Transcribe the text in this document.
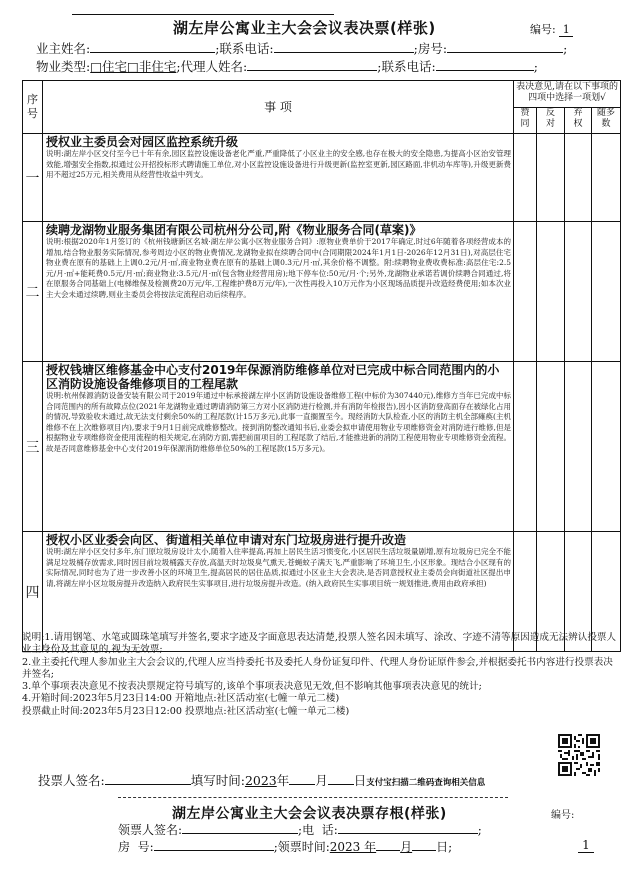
湖左岸公寓业主大会会议表决票(样张)	编号: 1
业主姓名:	;联系电话:	;房号:	;
物业类型:□住宅□非住宅;代理人姓名:	;联系电话:	;
序号	事 项	表决意见,请在以下事项的四项中选择一项划√			
		赞同	反对	弃权	随多数
一	授权业主委员会对园区监控系统升级
说明:湖左岸小区交付至今已十年有余,园区监控设施设备老化严重,严重降低了小区业主的安全感,也存在极大的安全隐患,为提高小区治安管理效能,增强安全指数,拟通过公开招投标形式聘请施工单位,对小区监控设施设备进行升级更新(监控室更新,园区路面,非机动车库等),升级更新费用不超过25万元,相关费用从经营性收益中列支。				

二	续聘龙湖物业服务集团有限公司杭州分公司,附《物业服务合同(草案)》
说明:根据2020年1月签订的《杭州钱塘新区名城·湖左岸公寓小区物业服务合同》:原物业费单价于2017年确定,时过6年随着各项经营成本的增加,结合物业服务实际情况,参考周边小区的物业费情况,龙湖物业拟在续聘合同中(合同期限2024年1月1日-2026年12月31日),对高层住宅物业费在原有的基础上上调0.2元/月·㎡,商业物业费在原有的基础上调0.3元/月·㎡,其余价格不调整。附:续聘物业费收费标准:高层住宅:2.5元/月·㎡+能耗费0.5元/月·㎡;商业物业:3.5元/月·㎡(包含物业经营用房);地下停车位:50元/月·个;另外,龙湖物业承诺若调价续聘合同通过,将在原服务合同基础上(电梯维保及检测费20万元/年,工程维护费8万元/年),一次性再投入10万元作为小区现场品质提升改造经费使用;如本次业主大会未通过续聘,则业主委员会将按法定流程启动后续程序。				

三	授权钱塘区维修基金中心支付2019年保源消防维修单位对已完成中标合同范围内的小区消防设施设备维修项目的工程尾款
说明:杭州保源消防设备安装有限公司于2019年通过中标承接湖左岸小区消防设施设备维修工程(中标价为307440元),维修方当年已完成中标合同范围内的所有故障点位(2021年龙湖物业通过聘请消防第三方对小区消防进行检测,并有消防年检报告),因小区消防登高面存在被绿化占用的情况,导致验收未通过,故无法支付剩余50%的工程尾款(计15万多元),此事一直搁置至今。现经消防大队检查,小区的消防主机全部瘫痪(主机维修不在上次维修项目内),要求于9月1日前完成维修整改。接到消防整改通知书后,业委会拟申请使用物业专项维修资金对消防进行维修,但是根据物业专项维修资金使用流程的相关规定,在消防方面,需把前面项目的工程尾款了结后,才能推进新的消防工程使用物业专项维修资金流程。故是否同意维修基金中心支付2019年保源消防维修单位50%的工程尾款(15万多元)。				

四	授权小区业委会向区、街道相关单位申请对东门垃圾房进行提升改造
说明:湖左岸小区交付多年,东门原垃圾房设计太小,随着入住率提高,再加上居民生活习惯变化,小区居民生活垃圾量剧增,原有垃圾房已完全不能满足垃圾桶存放需求,同时因目前垃圾桶露天存放,高温天时垃圾臭气熏天,苍蝇蚊子满天飞,严重影响了环境卫生,小区形象。现结合小区现有的实际情况,同时也为了进一步改善小区的环境卫生,提高居民的居住品质,拟通过小区业主大会表决,是否同意授权业主委员会向街道社区提出申请,将湖左岸小区垃圾房提升改造纳入政府民生实事项目,进行垃圾房提升改造。(纳入政府民生实事项目统一规划推进,费用由政府承担)				

说明:1.请用钢笔、水笔或圆珠笔填写并签名,要求字迹及字面意思表达清楚,投票人签名因未填写、涂改、字迹不清等原因造成无法辨认投票人业主身份及其意见的,视为无效票;
2.业主委托代理人参加业主大会会议的,代理人应当持委托书及委托人身份证复印件、代理人身份证原件参会,并根据委托书内容进行投票表决并签名;
3.单个事项表决意见不按表决票规定符号填写的,该单个事项表决意见无效,但不影响其他事项表决意见的统计;
4.开箱时间:2023年5月23日14:00 开箱地点:社区活动室(七幢一单元二楼)
投票截止时间:2023年5月23日12:00 投票地点:社区活动室(七幢一单元二楼)
投票人签名:	填写时间:2023年 月 日支付宝扫描二维码查询相关信息
湖左岸公寓业主大会会议表决票存根(样张)	编号:
领票人签名:	;电  话:	;
房  号:	;领票时间:2023 年 月 日;	1
